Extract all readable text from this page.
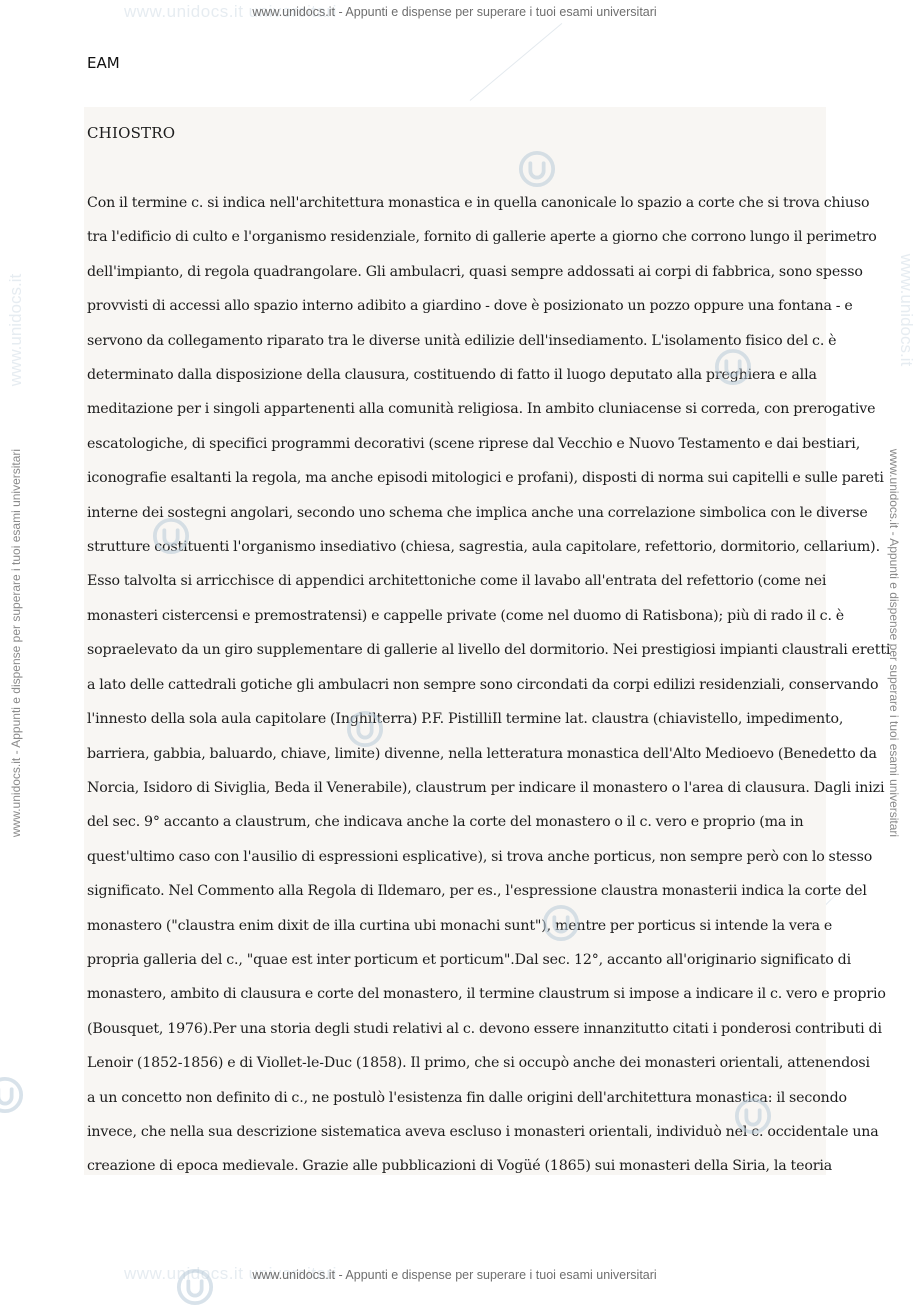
www.unidocs.it universitari
www.unidocs.it - Appunti e dispense per superare i tuoi esami universitari
www.unidocs.it universitari
www.unidocs.it - Appunti e dispense per superare i tuoi esami universitari
www.unidocs.it	www.unidocs.it
www.unidocs.it - Appunti e dispense per superare i tuoi esami universitari	www.unidocs.it - Appunti e dispense per superare i tuoi esami universitari
EAM
CHIOSTRO
Con il termine c. si indica nell'architettura monastica e in quella canonicale lo spazio a corte che si trova chiuso
tra l'edificio di culto e l'organismo residenziale, fornito di gallerie aperte a giorno che corrono lungo il perimetro
dell'impianto, di regola quadrangolare. Gli ambulacri, quasi sempre addossati ai corpi di fabbrica, sono spesso
provvisti di accessi allo spazio interno adibito a giardino - dove è posizionato un pozzo oppure una fontana - e
servono da collegamento riparato tra le diverse unità edilizie dell'insediamento. L'isolamento fisico del c. è
determinato dalla disposizione della clausura, costituendo di fatto il luogo deputato alla preghiera e alla
meditazione per i singoli appartenenti alla comunità religiosa. In ambito cluniacense si correda, con prerogative
escatologiche, di specifici programmi decorativi (scene riprese dal Vecchio e Nuovo Testamento e dai bestiari,
iconografie esaltanti la regola, ma anche episodi mitologici e profani), disposti di norma sui capitelli e sulle pareti
interne dei sostegni angolari, secondo uno schema che implica anche una correlazione simbolica con le diverse
strutture costituenti l'organismo insediativo (chiesa, sagrestia, aula capitolare, refettorio, dormitorio, cellarium).
Esso talvolta si arricchisce di appendici architettoniche come il lavabo all'entrata del refettorio (come nei
monasteri cistercensi e premostratensi) e cappelle private (come nel duomo di Ratisbona); più di rado il c. è
sopraelevato da un giro supplementare di gallerie al livello del dormitorio. Nei prestigiosi impianti claustrali eretti
a lato delle cattedrali gotiche gli ambulacri non sempre sono circondati da corpi edilizi residenziali, conservando
l'innesto della sola aula capitolare (Inghilterra) P.F. PistilliIl termine lat. claustra (chiavistello, impedimento,
barriera, gabbia, baluardo, chiave, limite) divenne, nella letteratura monastica dell'Alto Medioevo (Benedetto da
Norcia, Isidoro di Siviglia, Beda il Venerabile), claustrum per indicare il monastero o l'area di clausura. Dagli inizi
del sec. 9° accanto a claustrum, che indicava anche la corte del monastero o il c. vero e proprio (ma in
quest'ultimo caso con l'ausilio di espressioni esplicative), si trova anche porticus, non sempre però con lo stesso
significato. Nel Commento alla Regola di Ildemaro, per es., l'espressione claustra monasterii indica la corte del
monastero ("claustra enim dixit de illa curtina ubi monachi sunt"), mentre per porticus si intende la vera e
propria galleria del c., "quae est inter porticum et porticum".Dal sec. 12°, accanto all'originario significato di
monastero, ambito di clausura e corte del monastero, il termine claustrum si impose a indicare il c. vero e proprio
(Bousquet, 1976).Per una storia degli studi relativi al c. devono essere innanzitutto citati i ponderosi contributi di
Lenoir (1852-1856) e di Viollet-le-Duc (1858). Il primo, che si occupò anche dei monasteri orientali, attenendosi
a un concetto non definito di c., ne postulò l'esistenza fin dalle origini dell'architettura monastica: il secondo
invece, che nella sua descrizione sistematica aveva escluso i monasteri orientali, individuò nel c. occidentale una
creazione di epoca medievale. Grazie alle pubblicazioni di Vogüé (1865) sui monasteri della Siria, la teoria
